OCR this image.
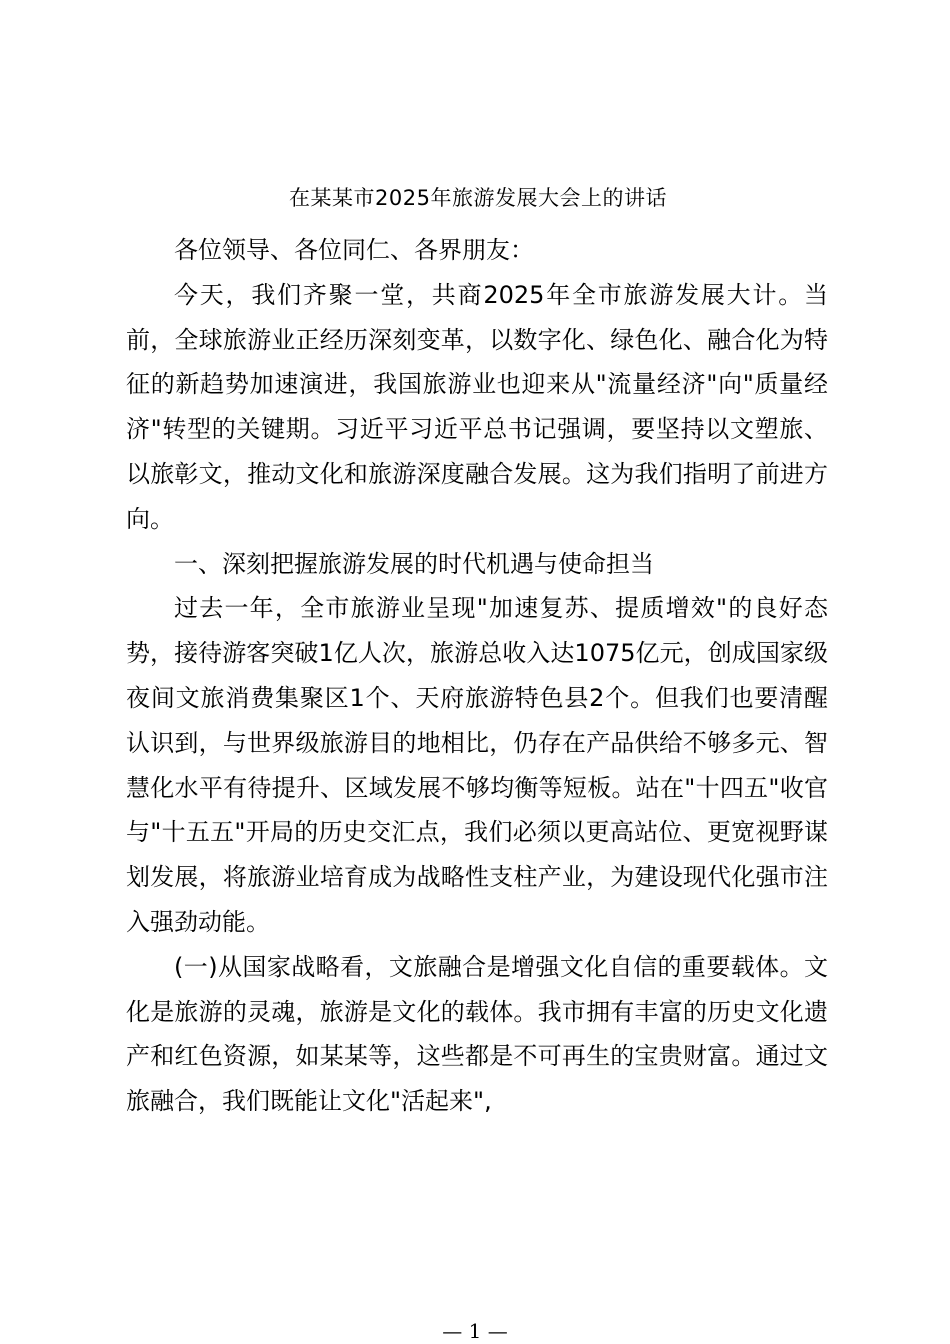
在某某市2025年旅游发展大会上的讲话

各位领导、各位同仁、各界朋友：

今天，我们齐聚一堂，共商2025年全市旅游发展大计。当前，全球旅游业正经历深刻变革，以数字化、绿色化、融合化为特征的新趋势加速演进，我国旅游业也迎来从"流量经济"向"质量经济"转型的关键期。习近平习近平总书记强调，要坚持以文塑旅、以旅彰文，推动文化和旅游深度融合发展。这为我们指明了前进方向。

一、深刻把握旅游发展的时代机遇与使命担当

过去一年，全市旅游业呈现"加速复苏、提质增效"的良好态势，接待游客突破1亿人次，旅游总收入达1075亿元，创成国家级夜间文旅消费集聚区1个、天府旅游特色县2个。但我们也要清醒认识到，与世界级旅游目的地相比，仍存在产品供给不够多元、智慧化水平有待提升、区域发展不够均衡等短板。站在"十四五"收官与"十五五"开局的历史交汇点，我们必须以更高站位、更宽视野谋划发展，将旅游业培育成为战略性支柱产业，为建设现代化强市注入强劲动能。

(一)从国家战略看，文旅融合是增强文化自信的重要载体。文化是旅游的灵魂，旅游是文化的载体。我市拥有丰富的历史文化遗产和红色资源，如某某等，这些都是不可再生的宝贵财富。通过文旅融合，我们既能让文化"活起来",

— 1 —
